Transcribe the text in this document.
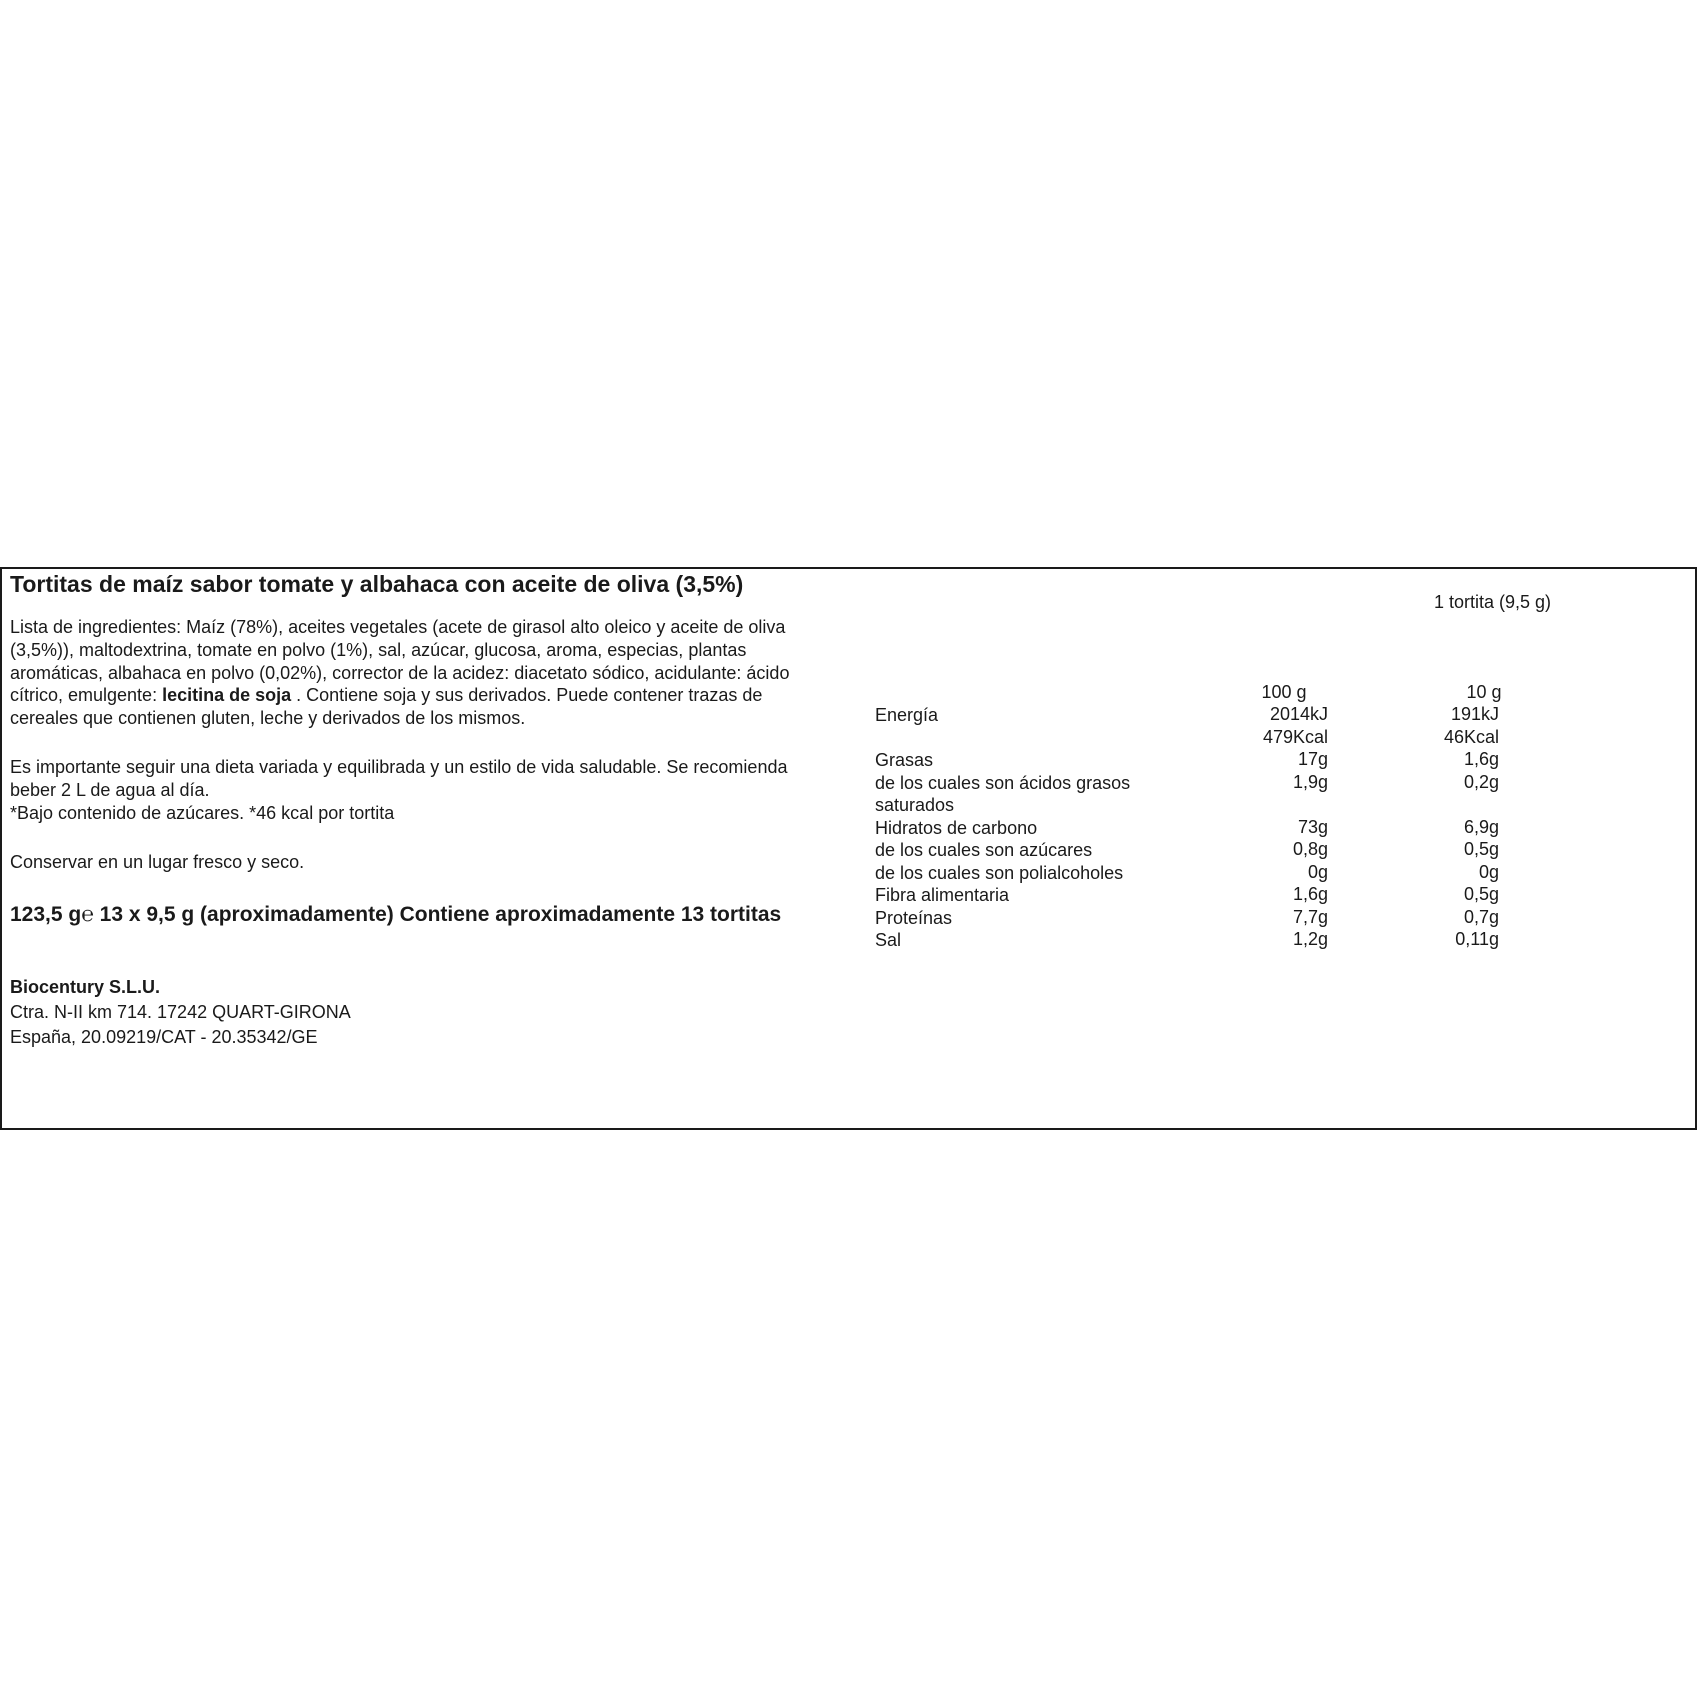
Tortitas de maíz sabor tomate y albahaca con aceite de oliva (3,5%)
Lista de ingredientes: Maíz (78%), aceites vegetales (acete de girasol alto oleico y aceite de oliva (3,5%)), maltodextrina, tomate en polvo (1%), sal, azúcar, glucosa, aroma, especias, plantas aromáticas, albahaca en polvo (0,02%), corrector de la acidez: diacetato sódico, acidulante: ácido cítrico, emulgente: lecitina de soja . Contiene soja y sus derivados. Puede contener trazas de cereales que contienen gluten, leche y derivados de los mismos.
Es importante seguir una dieta variada y equilibrada y un estilo de vida saludable. Se recomienda beber 2 L de agua al día.
*Bajo contenido de azúcares. *46 kcal por tortita
Conservar en un lugar fresco y seco.
123,5 g℮ 13 x 9,5 g (aproximadamente) Contiene aproximadamente 13 tortitas
Biocentury S.L.U.
Ctra. N-II km 714. 17242 QUART-GIRONA
España, 20.09219/CAT - 20.35342/GE
1 tortita (9,5 g)
100 g	10 g
Energía	2014kJ	191kJ
479Kcal	46Kcal
Grasas	17g	1,6g
de los cuales son ácidos grasos	1,9g	0,2g
saturados
Hidratos de carbono	73g	6,9g
de los cuales son azúcares	0,8g	0,5g
de los cuales son polialcoholes	0g	0g
Fibra alimentaria	1,6g	0,5g
Proteínas	7,7g	0,7g
Sal	1,2g	0,11g
